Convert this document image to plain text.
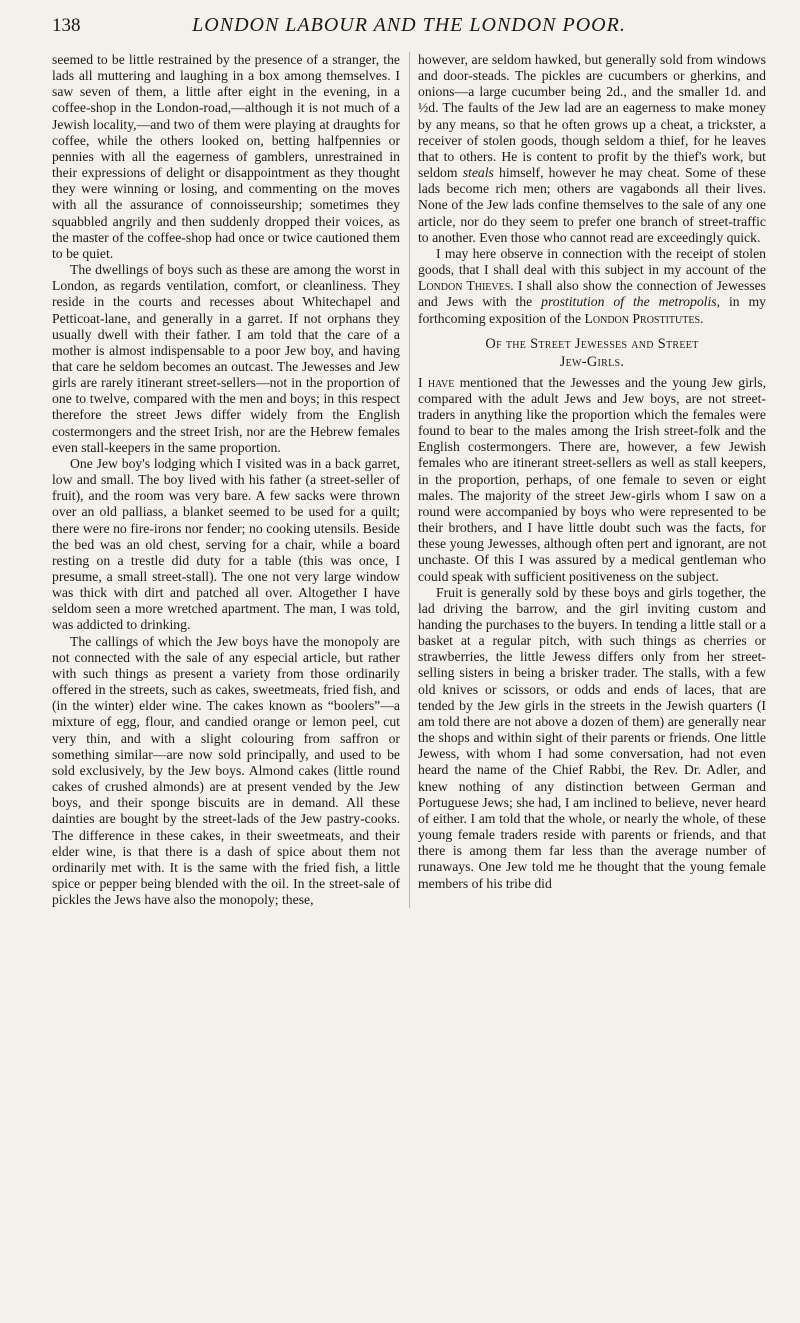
138	LONDON LABOUR AND THE LONDON POOR.

seemed to be little restrained by the presence of a stranger, the lads all muttering and laughing in a box among themselves. I saw seven of them, a little after eight in the evening, in a coffee-shop in the London-road,—although it is not much of a Jewish locality,—and two of them were playing at draughts for coffee, while the others looked on, betting halfpennies or pennies with all the eagerness of gamblers, unrestrained in their expressions of delight or disappointment as they thought they were winning or losing, and commenting on the moves with all the assurance of connoisseurship; sometimes they squabbled angrily and then suddenly dropped their voices, as the master of the coffee-shop had once or twice cautioned them to be quiet.

The dwellings of boys such as these are among the worst in London, as regards ventilation, comfort, or cleanliness. They reside in the courts and recesses about Whitechapel and Petticoat-lane, and generally in a garret. If not orphans they usually dwell with their father. I am told that the care of a mother is almost indispensable to a poor Jew boy, and having that care he seldom becomes an outcast. The Jewesses and Jew girls are rarely itinerant street-sellers—not in the proportion of one to twelve, compared with the men and boys; in this respect therefore the street Jews differ widely from the English costermongers and the street Irish, nor are the Hebrew females even stall-keepers in the same proportion.

One Jew boy's lodging which I visited was in a back garret, low and small. The boy lived with his father (a street-seller of fruit), and the room was very bare. A few sacks were thrown over an old palliass, a blanket seemed to be used for a quilt; there were no fire-irons nor fender; no cooking utensils. Beside the bed was an old chest, serving for a chair, while a board resting on a trestle did duty for a table (this was once, I presume, a small street-stall). The one not very large window was thick with dirt and patched all over. Altogether I have seldom seen a more wretched apartment. The man, I was told, was addicted to drinking.

The callings of which the Jew boys have the monopoly are not connected with the sale of any especial article, but rather with such things as present a variety from those ordinarily offered in the streets, such as cakes, sweetmeats, fried fish, and (in the winter) elder wine. The cakes known as “boolers”—a mixture of egg, flour, and candied orange or lemon peel, cut very thin, and with a slight colouring from saffron or something similar—are now sold principally, and used to be sold exclusively, by the Jew boys. Almond cakes (little round cakes of crushed almonds) are at present vended by the Jew boys, and their sponge biscuits are in demand. All these dainties are bought by the street-lads of the Jew pastry-cooks. The difference in these cakes, in their sweetmeats, and their elder wine, is that there is a dash of spice about them not ordinarily met with. It is the same with the fried fish, a little spice or pepper being blended with the oil. In the street-sale of pickles the Jews have also the monopoly; these,

however, are seldom hawked, but generally sold from windows and door-steads. The pickles are cucumbers or gherkins, and onions—a large cucumber being 2d., and the smaller 1d. and ½d. The faults of the Jew lad are an eagerness to make money by any means, so that he often grows up a cheat, a trickster, a receiver of stolen goods, though seldom a thief, for he leaves that to others. He is content to profit by the thief's work, but seldom steals himself, however he may cheat. Some of these lads become rich men; others are vagabonds all their lives. None of the Jew lads confine themselves to the sale of any one article, nor do they seem to prefer one branch of street-traffic to another. Even those who cannot read are exceedingly quick.

I may here observe in connection with the receipt of stolen goods, that I shall deal with this subject in my account of the London Thieves. I shall also show the connection of Jewesses and Jews with the prostitution of the metropolis, in my forthcoming exposition of the London Prostitutes.

Of the Street Jewesses and Street
Jew-Girls.

I have mentioned that the Jewesses and the young Jew girls, compared with the adult Jews and Jew boys, are not street-traders in anything like the proportion which the females were found to bear to the males among the Irish street-folk and the English costermongers. There are, however, a few Jewish females who are itinerant street-sellers as well as stall keepers, in the proportion, perhaps, of one female to seven or eight males. The majority of the street Jew-girls whom I saw on a round were accompanied by boys who were represented to be their brothers, and I have little doubt such was the facts, for these young Jewesses, although often pert and ignorant, are not unchaste. Of this I was assured by a medical gentleman who could speak with sufficient positiveness on the subject.

Fruit is generally sold by these boys and girls together, the lad driving the barrow, and the girl inviting custom and handing the purchases to the buyers. In tending a little stall or a basket at a regular pitch, with such things as cherries or strawberries, the little Jewess differs only from her street-selling sisters in being a brisker trader. The stalls, with a few old knives or scissors, or odds and ends of laces, that are tended by the Jew girls in the streets in the Jewish quarters (I am told there are not above a dozen of them) are generally near the shops and within sight of their parents or friends. One little Jewess, with whom I had some conversation, had not even heard the name of the Chief Rabbi, the Rev. Dr. Adler, and knew nothing of any distinction between German and Portuguese Jews; she had, I am inclined to believe, never heard of either. I am told that the whole, or nearly the whole, of these young female traders reside with parents or friends, and that there is among them far less than the average number of runaways. One Jew told me he thought that the young female members of his tribe did
